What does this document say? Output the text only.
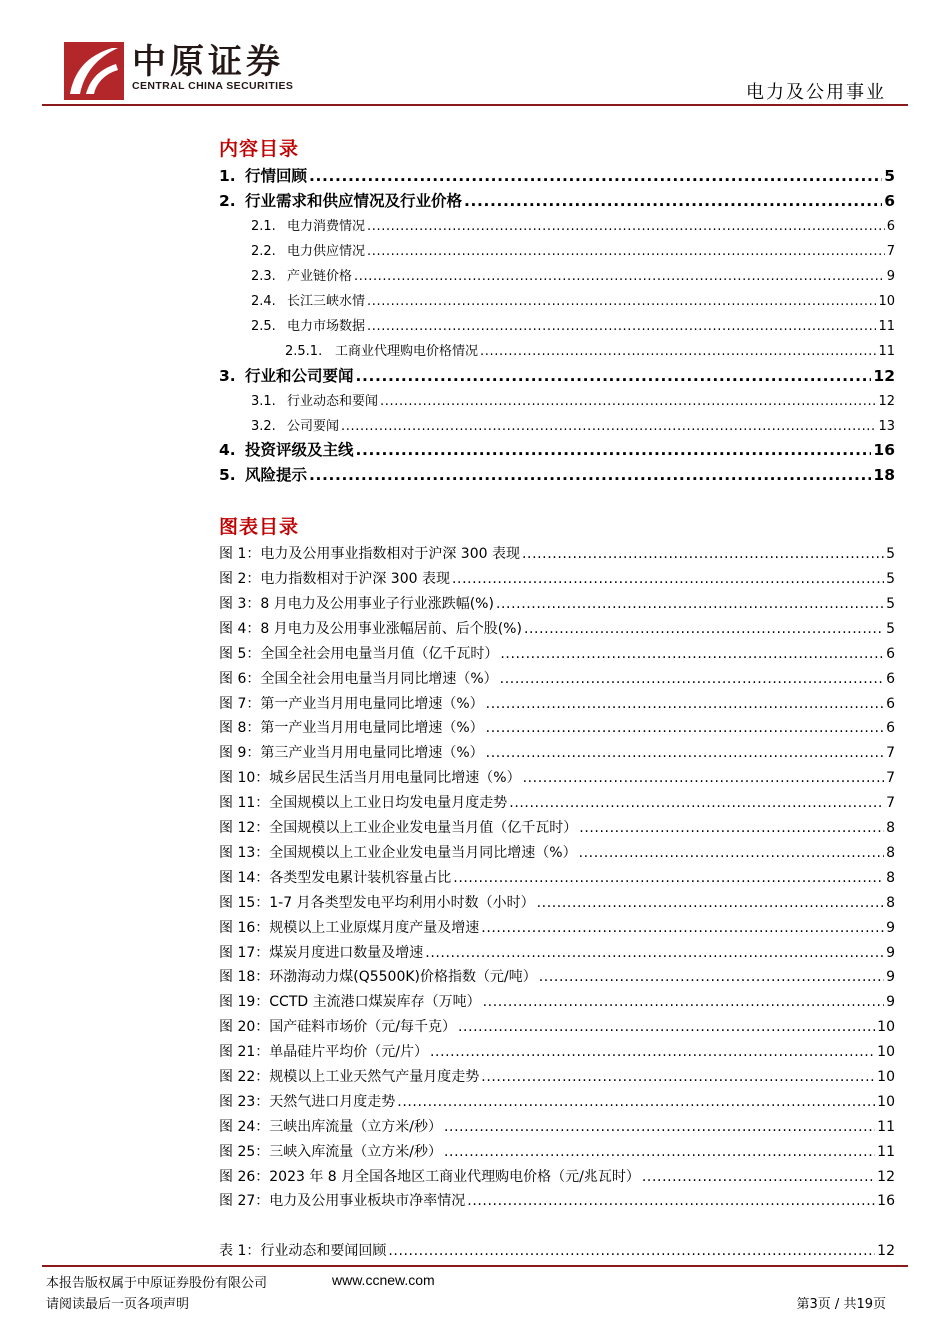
中原证券
CENTRAL CHINA SECURITIES	电力及公用事业
内容目录
1. 行情回顾 .....	5
2. 行业需求和供应情况及行业价格 .....	6
2.1. 电力消费情况 .....	6
2.2. 电力供应情况 .....	7
2.3. 产业链价格 .....	9
2.4. 长江三峡水情 .....	10
2.5. 电力市场数据 .....	11
2.5.1. 工商业代理购电价格情况 .....	11
3. 行业和公司要闻 .....	12
3.1. 行业动态和要闻 .....	12
3.2. 公司要闻 .....	13
4. 投资评级及主线 .....	16
5. 风险提示 .....	18
图表目录
图 1： 电力及公用事业指数相对于沪深 300 表现 .....	5
图 2： 电力指数相对于沪深 300 表现 .....	5
图 3： 8 月电力及公用事业子行业涨跌幅(%) .....	5
图 4： 8 月电力及公用事业涨幅居前、后个股(%) .....	5
图 5： 全国全社会用电量当月值（亿千瓦时） .....	6
图 6： 全国全社会用电量当月同比增速（%） .....	6
图 7： 第一产业当月用电量同比增速（%） .....	6
图 8： 第一产业当月用电量同比增速（%） .....	6
图 9： 第三产业当月用电量同比增速（%） .....	7
图 10： 城乡居民生活当月用电量同比增速（%） .....	7
图 11： 全国规模以上工业日均发电量月度走势 .....	7
图 12： 全国规模以上工业企业发电量当月值（亿千瓦时） .....	8
图 13： 全国规模以上工业企业发电量当月同比增速（%） .....	8
图 14： 各类型发电累计装机容量占比 .....	8
图 15： 1-7 月各类型发电平均利用小时数（小时） .....	8
图 16： 规模以上工业原煤月度产量及增速 .....	9
图 17： 煤炭月度进口数量及增速 .....	9
图 18： 环渤海动力煤(Q5500K)价格指数（元/吨） .....	9
图 19： CCTD 主流港口煤炭库存（万吨） .....	9
图 20： 国产硅料市场价（元/每千克） .....	10
图 21： 单晶硅片平均价（元/片） .....	10
图 22： 规模以上工业天然气产量月度走势 .....	10
图 23： 天然气进口月度走势 .....	10
图 24： 三峡出库流量（立方米/秒） .....	11
图 25： 三峡入库流量（立方米/秒） .....	11
图 26： 2023 年 8 月全国各地区工商业代理购电价格（元/兆瓦时） .....	12
图 27： 电力及公用事业板块市净率情况 .....	16
表 1： 行业动态和要闻回顾 .....	12
本报告版权属于中原证券股份有限公司	www.ccnew.com
请阅读最后一页各项声明	第3页 / 共19页
